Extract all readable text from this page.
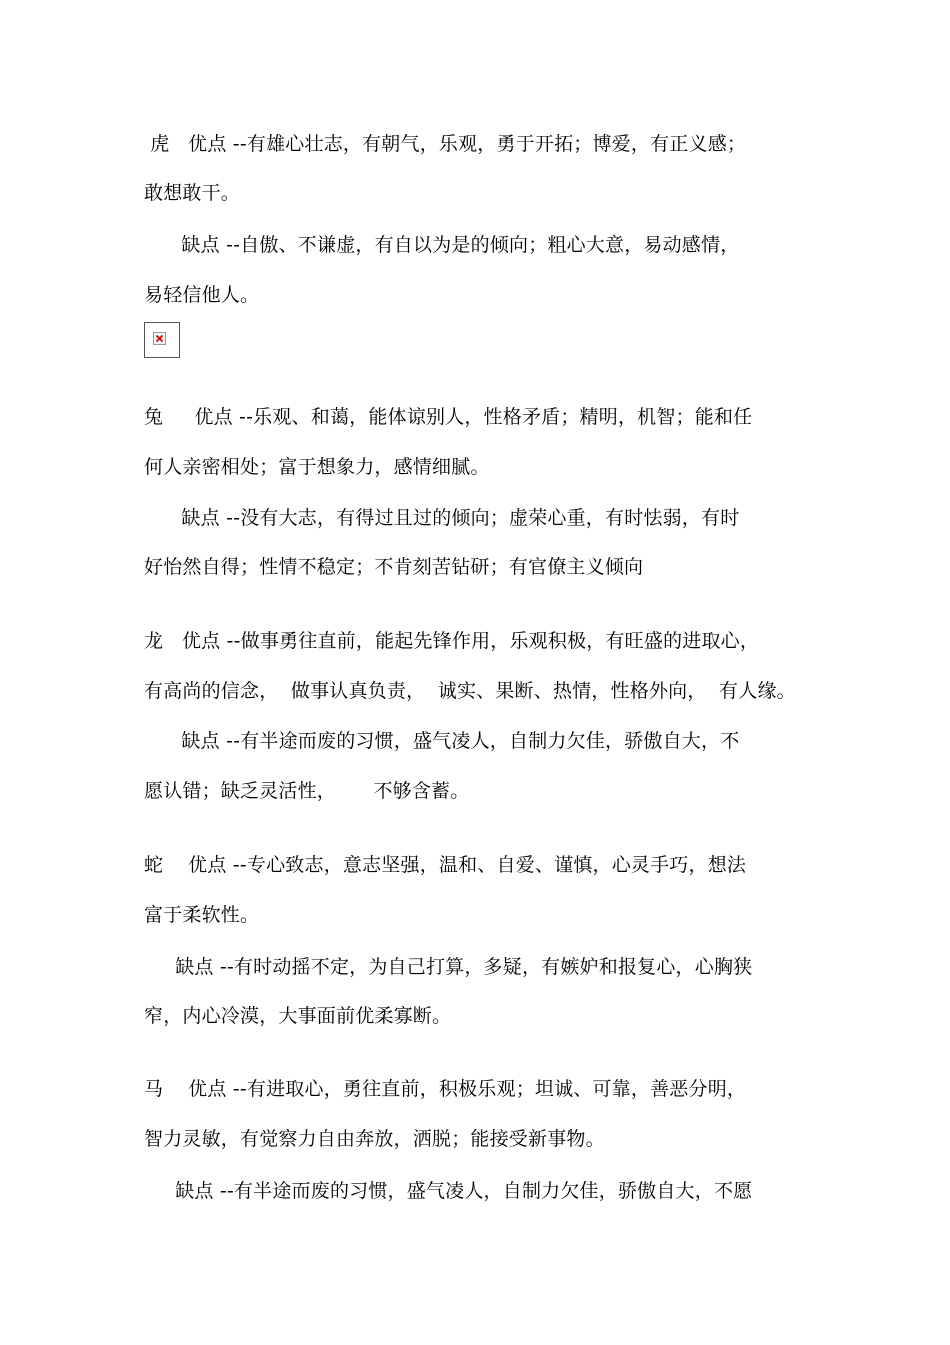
虎   优点 --有雄心壮志，有朝气，乐观，勇于开拓；博爱，有正义感；
敢想敢干。
缺点 --自傲、不谦虚，有自以为是的倾向；粗心大意，易动感情，
易轻信他人。
兔     优点 --乐观、和蔼，能体谅别人，性格矛盾；精明，机智；能和任
何人亲密相处；富于想象力，感情细腻。
缺点 --没有大志，有得过且过的倾向；虚荣心重，有时怯弱，有时
好怡然自得；性情不稳定；不肯刻苦钻研；有官僚主义倾向
龙   优点 --做事勇往直前，能起先锋作用，乐观积极，有旺盛的进取心，
有高尚的信念，  做事认真负责，  诚实、果断、热情，性格外向，  有人缘。
缺点 --有半途而废的习惯，盛气凌人，自制力欠佳，骄傲自大，不
愿认错；缺乏灵活性，      不够含蓄。
蛇    优点 --专心致志，意志坚强，温和、自爱、谨慎，心灵手巧，想法
富于柔软性。
缺点 --有时动摇不定，为自己打算，多疑，有嫉妒和报复心，心胸狭
窄，内心冷漠，大事面前优柔寡断。
马    优点 --有进取心，勇往直前，积极乐观；坦诚、可靠，善恶分明，
智力灵敏，有觉察力自由奔放，洒脱；能接受新事物。
缺点 --有半途而废的习惯，盛气凌人，自制力欠佳，骄傲自大，不愿
